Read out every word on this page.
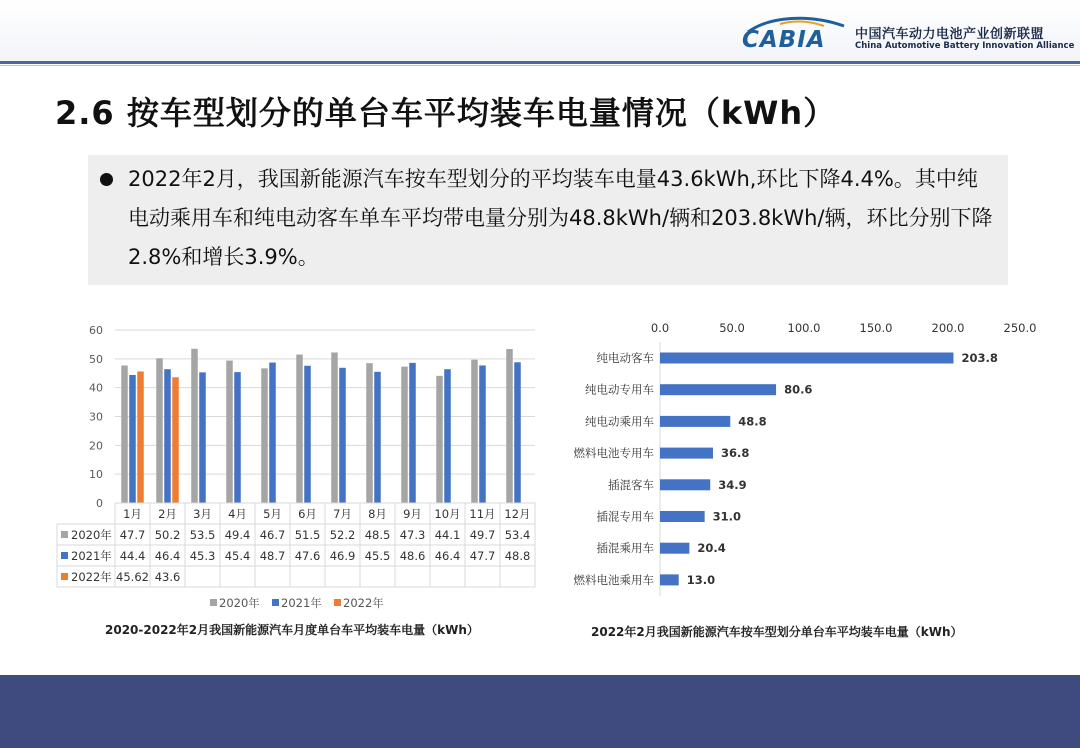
CABIA 中国汽车动力电池产业创新联盟
China Automotive Battery Innovation Alliance
2.6 按车型划分的单台车平均装车电量情况（kWh）
2022年2月，我国新能源汽车按车型划分的平均装车电量43.6kWh,环比下降4.4%。其中纯电动乘用车和纯电动客车单车平均带电量分别为48.8kWh/辆和203.8kWh/辆，环比分别下降2.8%和增长3.9%。
0
10
20
30
40
50
60
1月 2月 3月 4月 5月 6月 7月 8月 9月 10月 11月 12月
2020年 47.7 50.2 53.5 49.4 46.7 51.5 52.2 48.5 47.3 44.1 49.7 53.4
2021年 44.4 46.4 45.3 45.4 48.7 47.6 46.9 45.5 48.6 46.4 47.7 48.8
2022年 45.62 43.6
2020年 2021年 2022年
2020-2022年2月我国新能源汽车月度单台车平均装车电量（kWh）
0.0	50.0	100.0	150.0	200.0	250.0
纯电动客车	203.8
纯电动专用车	80.6
纯电动乘用车	48.8
燃料电池专用车	36.8
插混客车	34.9
插混专用车	31.0
插混乘用车	20.4
燃料电池乘用车	13.0
2022年2月我国新能源汽车按车型划分单台车平均装车电量（kWh）
